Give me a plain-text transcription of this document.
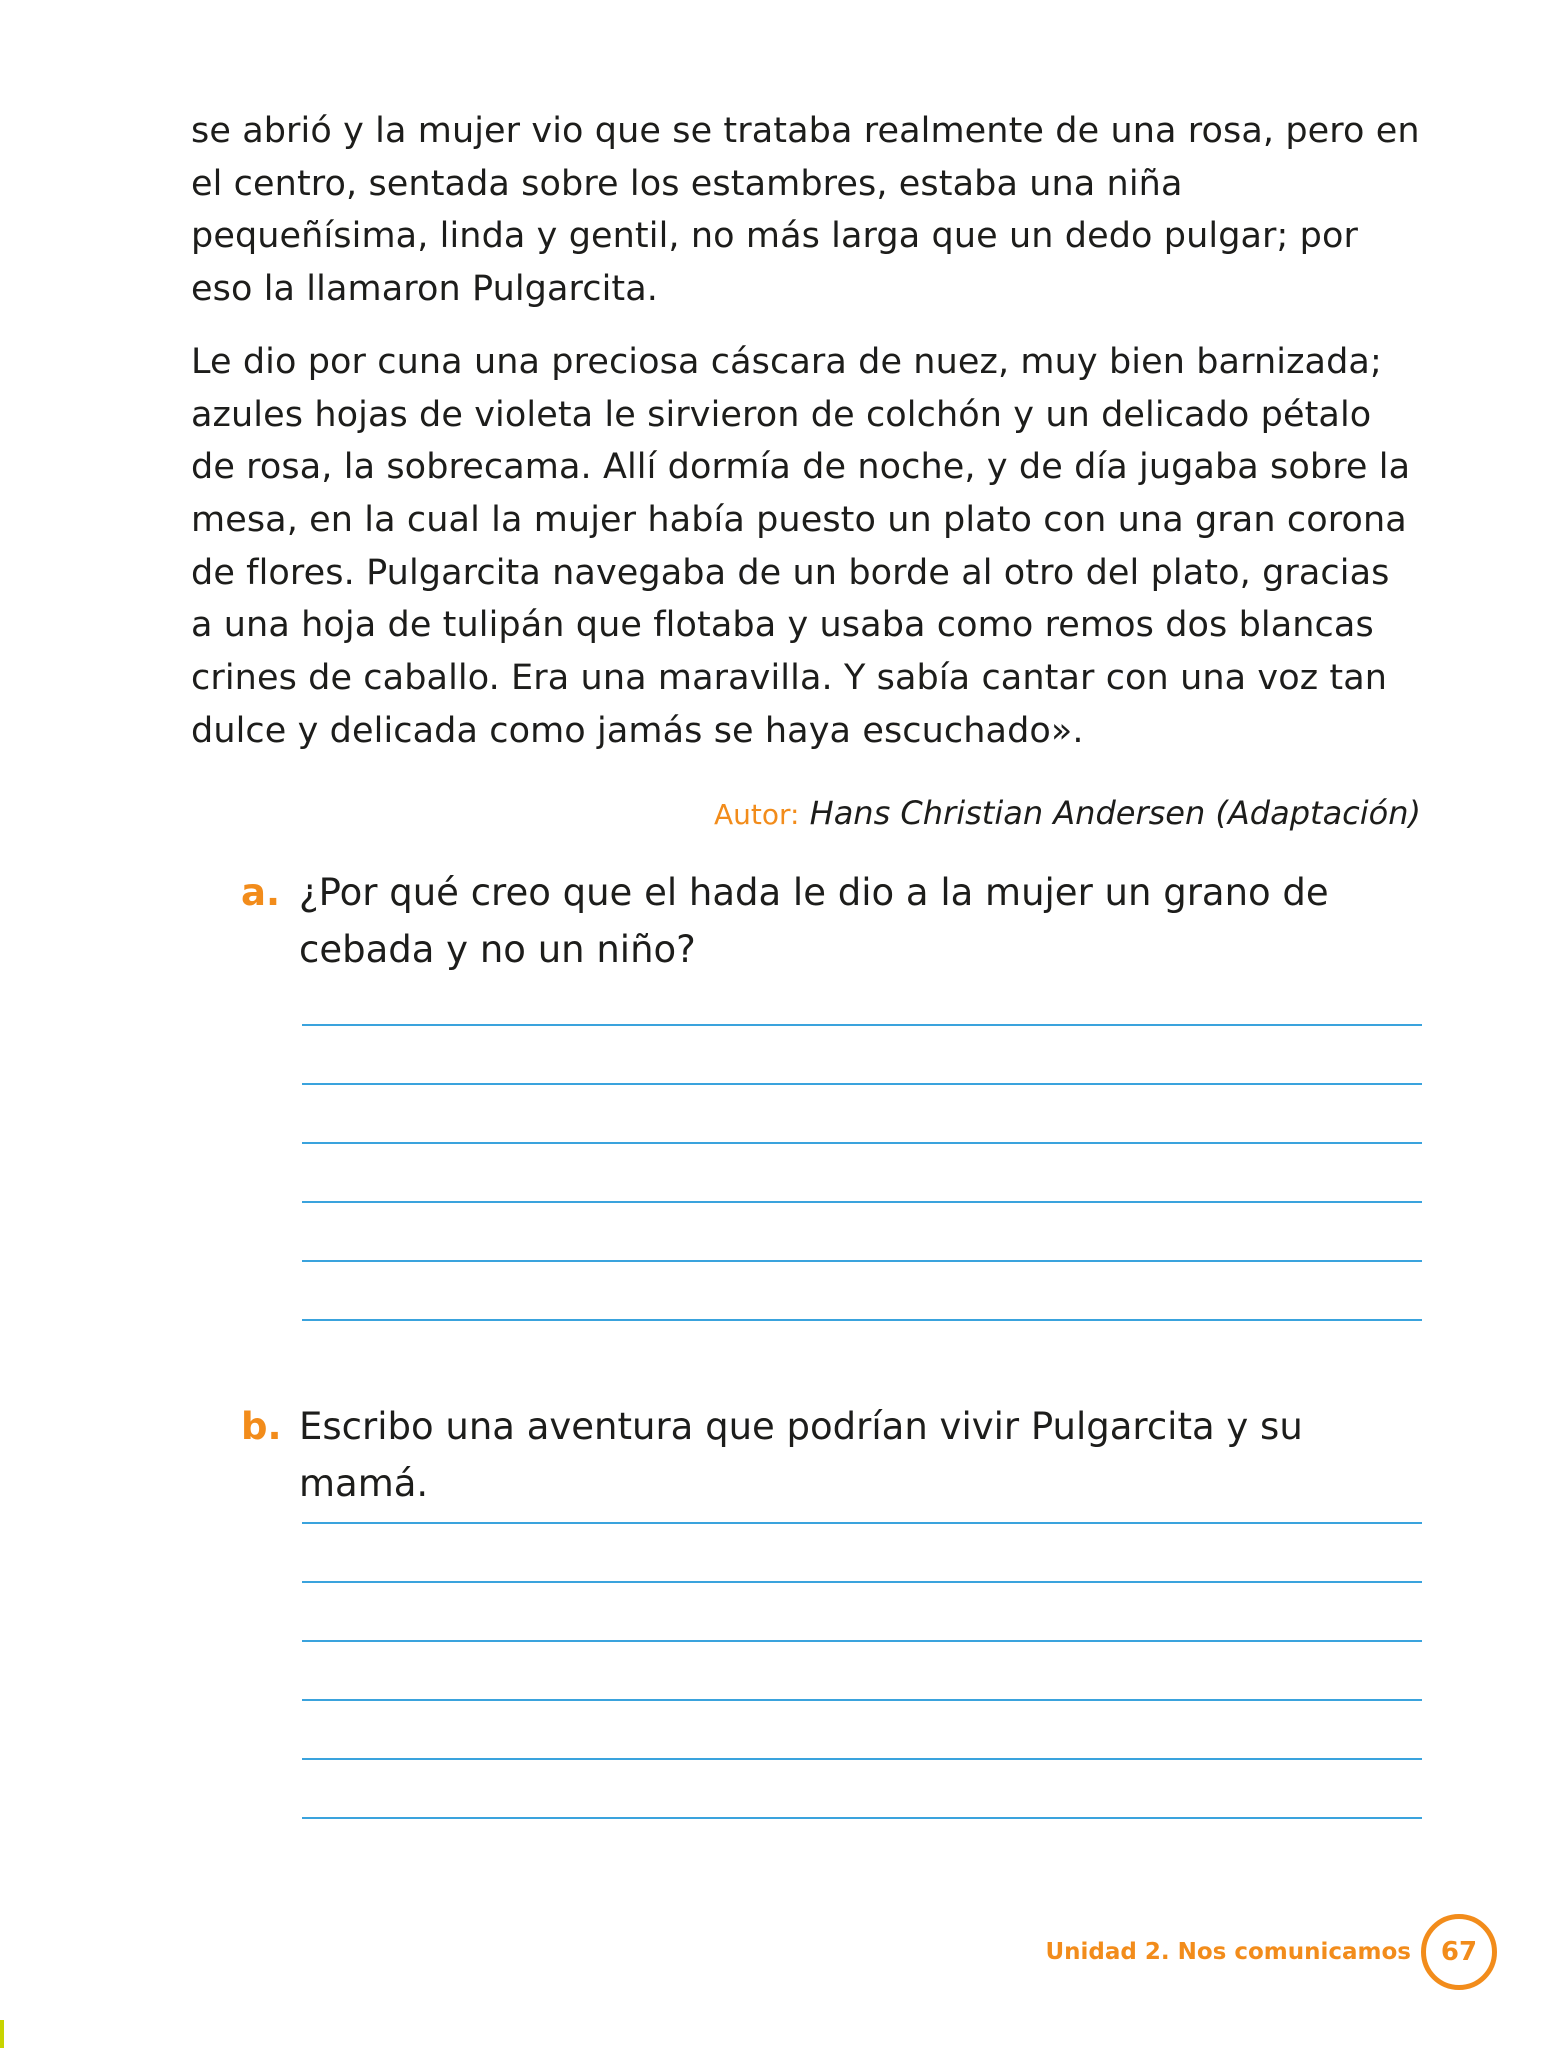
se abrió y la mujer vio que se trataba realmente de una rosa, pero en el centro, sentada sobre los estambres, estaba una niña pequeñísima, linda y gentil, no más larga que un dedo pulgar; por eso la llamaron Pulgarcita.

Le dio por cuna una preciosa cáscara de nuez, muy bien barnizada; azules hojas de violeta le sirvieron de colchón y un delicado pétalo de rosa, la sobrecama. Allí dormía de noche, y de día jugaba sobre la mesa, en la cual la mujer había puesto un plato con una gran corona de flores. Pulgarcita navegaba de un borde al otro del plato, gracias a una hoja de tulipán que flotaba y usaba como remos dos blancas crines de caballo. Era una maravilla. Y sabía cantar con una voz tan dulce y delicada como jamás se haya escuchado».

Autor: Hans Christian Andersen (Adaptación)
a. ¿Por qué creo que el hada le dio a la mujer un grano de cebada y no un niño?
b. Escribo una aventura que podrían vivir Pulgarcita y su mamá.
Unidad 2. Nos comunicamos	67
